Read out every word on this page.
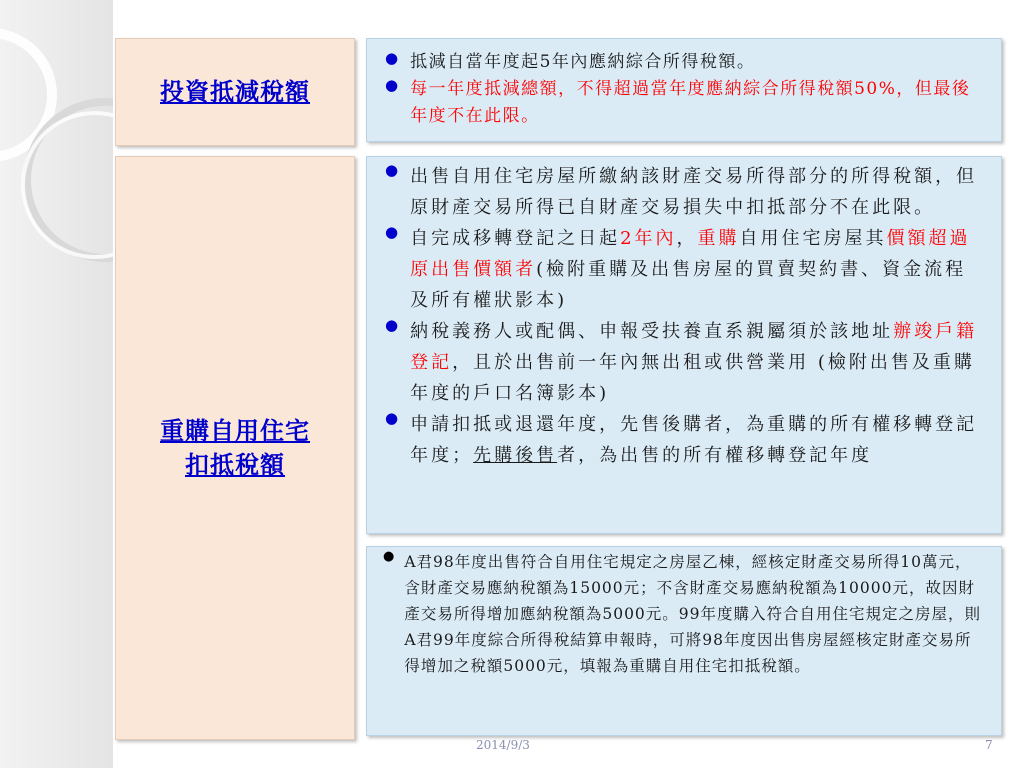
投資抵減稅額
● 抵減自當年度起5年內應納綜合所得稅額。
● 每一年度抵減總額，不得超過當年度應納綜合所得稅額50%，但最後年度不在此限。
重購自用住宅
扣抵稅額
● 出售自用住宅房屋所繳納該財產交易所得部分的所得稅額，但原財產交易所得已自財產交易損失中扣抵部分不在此限。
● 自完成移轉登記之日起2年內，重購自用住宅房屋其價額超過原出售價額者(檢附重購及出售房屋的買賣契約書、資金流程及所有權狀影本)
● 納稅義務人或配偶、申報受扶養直系親屬須於該地址辦竣戶籍登記，且於出售前一年內無出租或供營業用 (檢附出售及重購年度的戶口名簿影本)
● 申請扣抵或退還年度，先售後購者，為重購的所有權移轉登記年度；先購後售者，為出售的所有權移轉登記年度
● A君98年度出售符合自用住宅規定之房屋乙棟，經核定財產交易所得10萬元，含財產交易應納稅額為15000元；不含財產交易應納稅額為10000元，故因財產交易所得增加應納稅額為5000元。99年度購入符合自用住宅規定之房屋，則A君99年度綜合所得稅結算申報時，可將98年度因出售房屋經核定財產交易所得增加之稅額5000元，填報為重購自用住宅扣抵稅額。
2014/9/3	7
